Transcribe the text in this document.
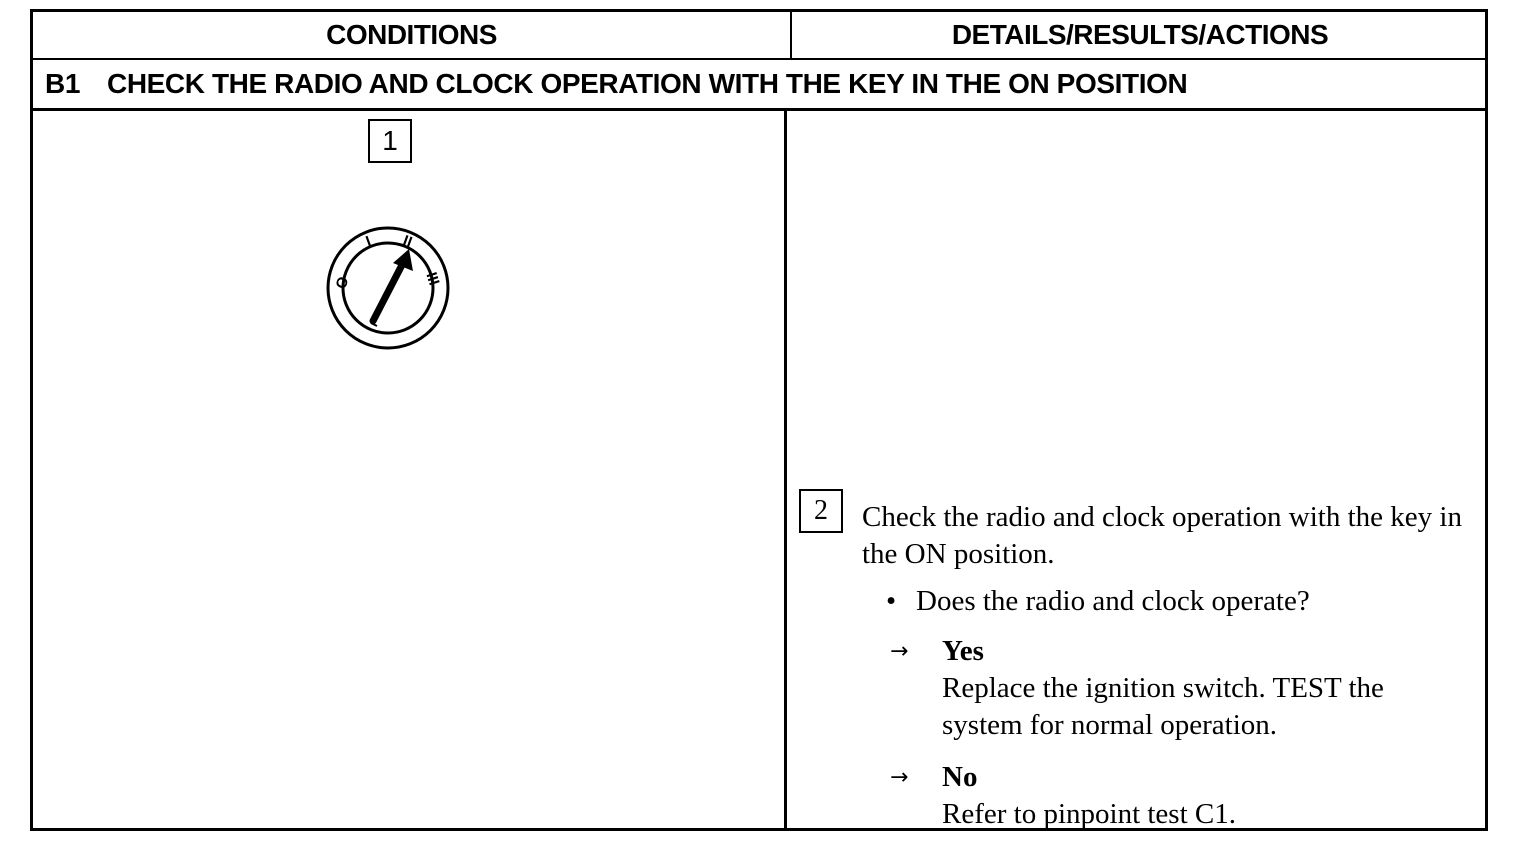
CONDITIONS	DETAILS/RESULTS/ACTIONS
B1 CHECK THE RADIO AND CLOCK OPERATION WITH THE KEY IN THE ON POSITION
1
O
I II
III
2	Check the radio and clock operation with the key in the ON position.
• Does the radio and clock operate?
→	Yes
Replace the ignition switch. TEST the system for normal operation.
→	No
Refer to pinpoint test C1.
